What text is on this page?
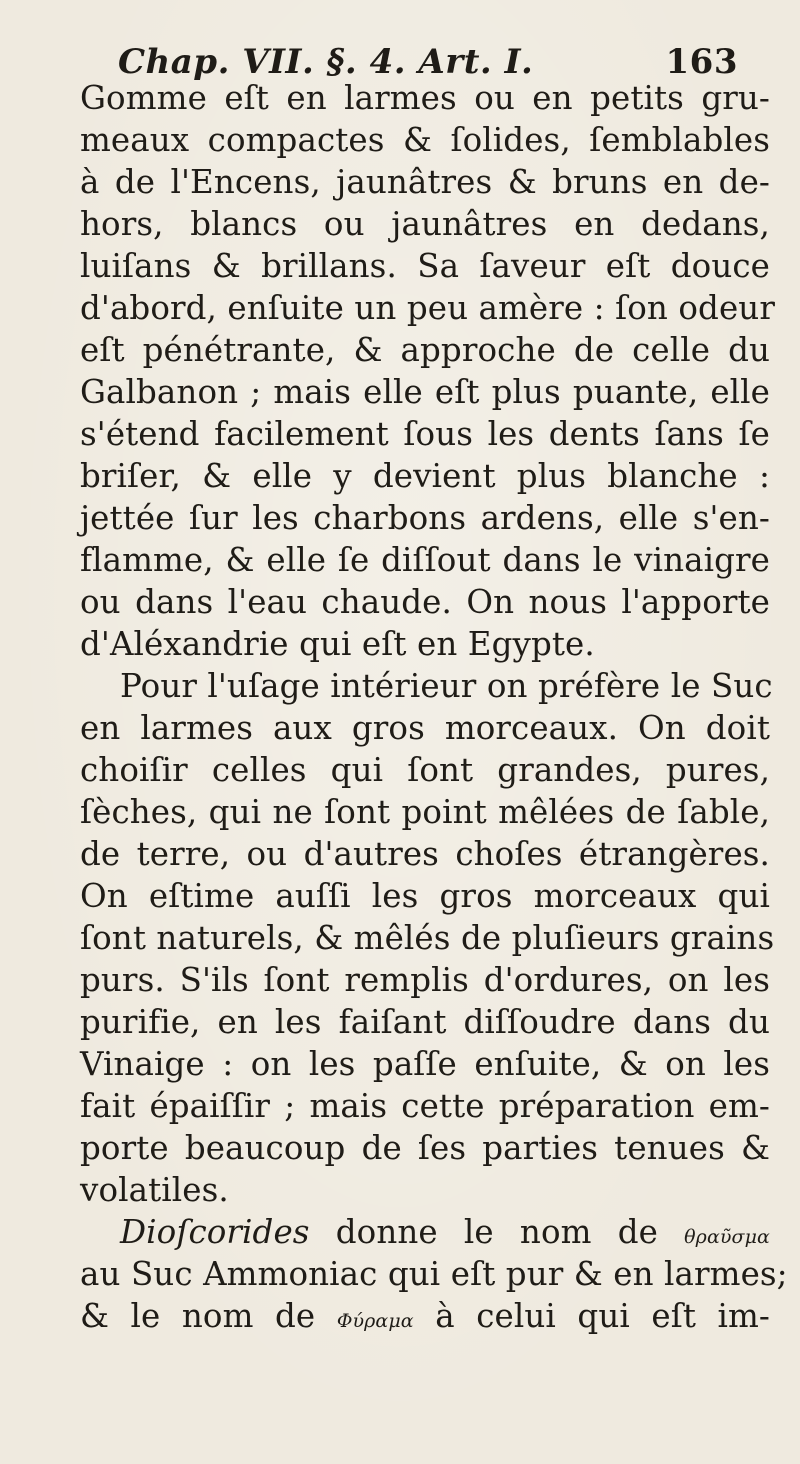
Chap. VII. §. 4. Art. I.	163
Gomme eſt en larmes ou en petits gru-
meaux compactes & ſolides, ſemblables
à de l'Encens, jaunâtres & bruns en de-
hors, blancs ou jaunâtres en dedans,
luiſans & brillans. Sa ſaveur eſt douce
d'abord, enſuite un peu amère : ſon odeur
eſt pénétrante, & approche de celle du
Galbanon ; mais elle eſt plus puante, elle
s'étend facilement ſous les dents ſans ſe
briſer, & elle y devient plus blanche :
jettée ſur les charbons ardens, elle s'en-
flamme, & elle ſe diſſout dans le vinaigre
ou dans l'eau chaude. On nous l'apporte
d'Aléxandrie qui eſt en Egypte.
Pour l'uſage intérieur on préfère le Suc
en larmes aux gros morceaux. On doit
choiſir celles qui ſont grandes, pures,
ſèches, qui ne ſont point mêlées de ſable,
de terre, ou d'autres choſes étrangères.
On eſtime auſſi les gros morceaux qui
ſont naturels, & mêlés de pluſieurs grains
purs. S'ils ſont remplis d'ordures, on les
purifie, en les faiſant diſſoudre dans du
Vinaige : on les paſſe enſuite, & on les
fait épaiſſir ; mais cette préparation em-
porte beaucoup de ſes parties tenues &
volatiles.
Dioſcorides donne le nom de θραῦσμα
au Suc Ammoniac qui eſt pur & en larmes;
& le nom de Φύραμα à celui qui eſt im-
